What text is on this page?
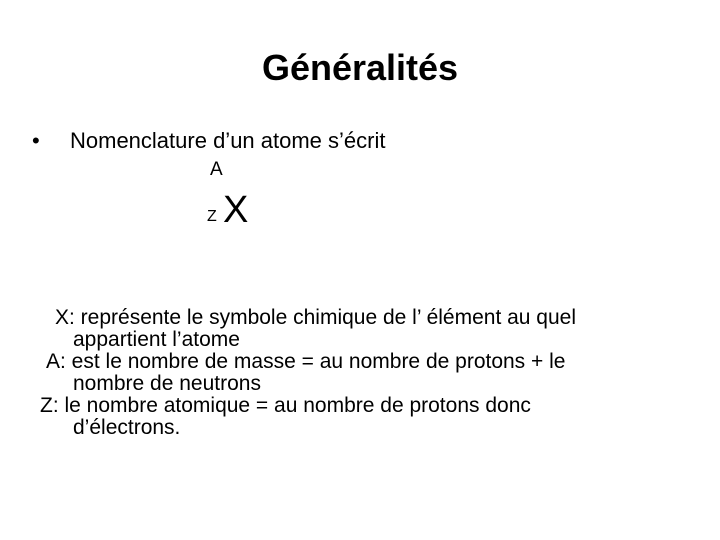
Généralités
• Nomenclature d’un atome s’écrit
A
Z X

X: représente le symbole chimique de l’ élément au quel
appartient l’atome

A: est le nombre de masse = au nombre de protons + le
nombre de neutrons

Z: le nombre atomique = au nombre de protons donc
d’électrons.
